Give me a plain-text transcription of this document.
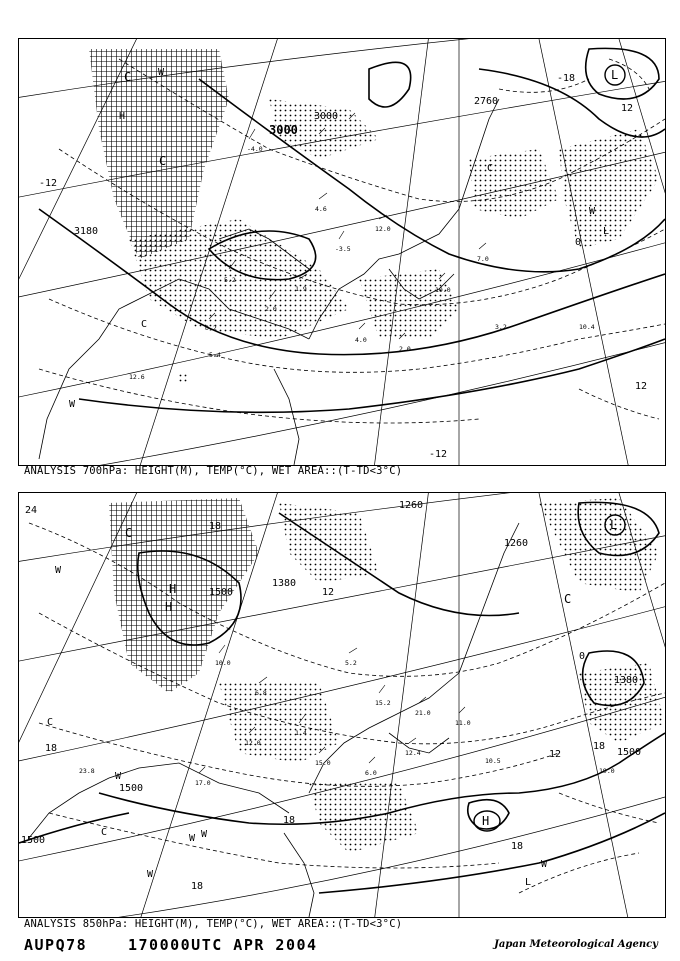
-4.0
4.6
-3.5
12.0
5.2
0.2
10.0
7.0
2.0
1.9
4.0
2.0
3.2	10.4
12.6
5.4
3000
3000
3180
2760
-18
-12
12
12
0
-12
C	W
C
L
W
W
C
C
H
L
ANALYSIS 700hPa: HEIGHT(M), TEMP(°C), WET AREA::(T-TD<3°C)
10.0
6.8
1.4
5.2
15.2
21.0
11.0
12.0
15.0
6.0
12.4
17.0
10.5
19.0
23.8
1500
1500
1380
1260
1380
1500
1500
1260
24
18
12
18
0
12
18
18
18
18
W
C
H
H
C
W
W
W
W
C
L
H
L
W
C
ANALYSIS 850hPa: HEIGHT(M), TEMP(°C), WET AREA::(T-TD<3°C)
AUPQ78	170000UTC APR 2004	Japan Meteorological Agency
